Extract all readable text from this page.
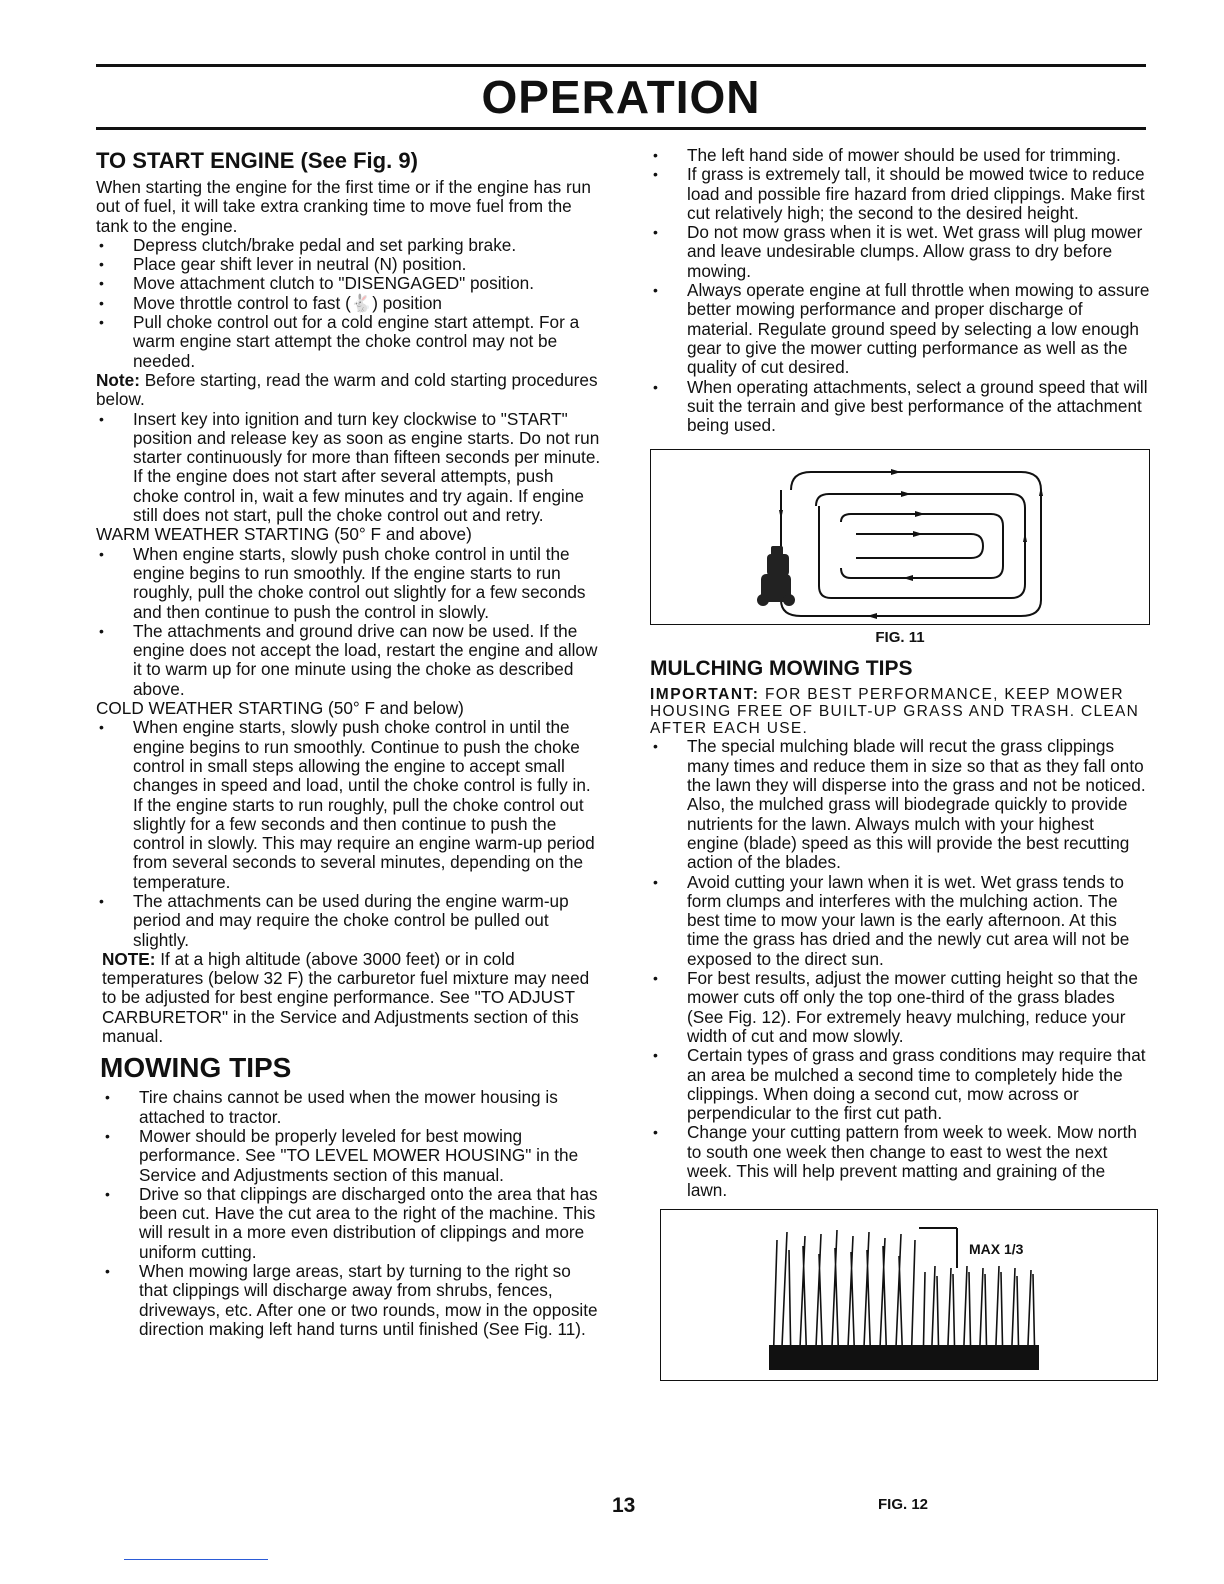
OPERATION
TO START ENGINE (See Fig. 9)

When starting the engine for the first time or if the engine has run out of fuel, it will take extra cranking time to move fuel from the tank to the engine.

• Depress clutch/brake pedal and set parking brake.
• Place gear shift lever in neutral (N) position.
• Move attachment clutch to "DISENGAGED" position.
• Move throttle control to fast (🐇) position
• Pull choke control out for a cold engine start attempt. For a warm engine start attempt the choke control may not be needed.

Note: Before starting, read the warm and cold starting procedures below.

• Insert key into ignition and turn key clockwise to "START" position and release key as soon as engine starts. Do not run starter continuously for more than fifteen seconds per minute. If the engine does not start after several attempts, push choke control in, wait a few minutes and try again. If engine still does not start, pull the choke control out and retry.

WARM WEATHER STARTING (50° F and above)

• When engine starts, slowly push choke control in until the engine begins to run smoothly. If the engine starts to run roughly, pull the choke control out slightly for a few seconds and then continue to push the control in slowly.
• The attachments and ground drive can now be used. If the engine does not accept the load, restart the engine and allow it to warm up for one minute using the choke as described above.

COLD WEATHER STARTING (50° F and below)

• When engine starts, slowly push choke control in until the engine begins to run smoothly. Continue to push the choke control in small steps allowing the engine to accept small changes in speed and load, until the choke control is fully in. If the engine starts to run roughly, pull the choke control out slightly for a few seconds and then continue to push the control in slowly. This may require an engine warm-up period from several seconds to several minutes, depending on the temperature.
• The attachments can be used during the engine warm-up period and may require the choke control be pulled out slightly.

NOTE: If at a high altitude (above 3000 feet) or in cold temperatures (below 32 F) the carburetor fuel mixture may need to be adjusted for best engine performance. See "TO ADJUST CARBURETOR" in the Service and Adjustments section of this manual.

MOWING TIPS
• Tire chains cannot be used when the mower housing is attached to tractor.
• Mower should be properly leveled for best mowing performance. See "TO LEVEL MOWER HOUSING" in the Service and Adjustments section of this manual.
• Drive so that clippings are discharged onto the area that has been cut. Have the cut area to the right of the machine. This will result in a more even distribution of clippings and more uniform cutting.
• When mowing large areas, start by turning to the right so that clippings will discharge away from shrubs, fences, driveways, etc. After one or two rounds, mow in the opposite direction making left hand turns until finished (See Fig. 11).
• The left hand side of mower should be used for trimming.
• If grass is extremely tall, it should be mowed twice to reduce load and possible fire hazard from dried clippings. Make first cut relatively high; the second to the desired height.
• Do not mow grass when it is wet. Wet grass will plug mower and leave undesirable clumps. Allow grass to dry before mowing.
• Always operate engine at full throttle when mowing to assure better mowing performance and proper discharge of material. Regulate ground speed by selecting a low enough gear to give the mower cutting performance as well as the quality of cut desired.
• When operating attachments, select a ground speed that will suit the terrain and give best performance of the attachment being used.
FIG. 11
MULCHING MOWING TIPS

IMPORTANT: FOR BEST PERFORMANCE, KEEP MOWER HOUSING FREE OF BUILT-UP GRASS AND TRASH. CLEAN AFTER EACH USE.

• The special mulching blade will recut the grass clippings many times and reduce them in size so that as they fall onto the lawn they will disperse into the grass and not be noticed. Also, the mulched grass will biodegrade quickly to provide nutrients for the lawn. Always mulch with your highest engine (blade) speed as this will provide the best recutting action of the blades.
• Avoid cutting your lawn when it is wet. Wet grass tends to form clumps and interferes with the mulching action. The best time to mow your lawn is the early afternoon. At this time the grass has dried and the newly cut area will not be exposed to the direct sun.
• For best results, adjust the mower cutting height so that the mower cuts off only the top one-third of the grass blades (See Fig. 12). For extremely heavy mulching, reduce your width of cut and mow slowly.
• Certain types of grass and grass conditions may require that an area be mulched a second time to completely hide the clippings. When doing a second cut, mow across or perpendicular to the first cut path.
• Change your cutting pattern from week to week. Mow north to south one week then change to east to west the next week. This will help prevent matting and graining of the lawn.
MAX 1/3
13	FIG. 12
